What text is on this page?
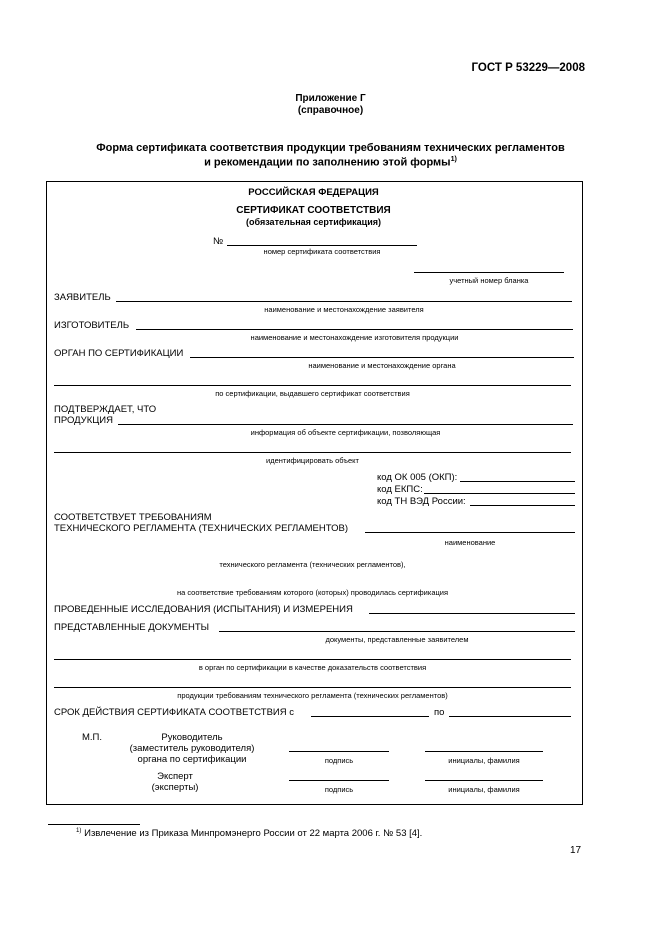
ГОСТ Р 53229—2008
Приложение Г
(справочное)
Форма сертификата соответствия продукции требованиям технических регламентов
и рекомендации по заполнению этой формы$^{1)}$
РОССИЙСКАЯ ФЕДЕРАЦИЯ
СЕРТИФИКАТ СООТВЕТСТВИЯ
(обязательная сертификация)
№
номер сертификата соответствия
учетный номер бланка
ЗАЯВИТЕЛЬ
наименование и местонахождение заявителя
ИЗГОТОВИТЕЛЬ
наименование и местонахождение изготовителя продукции
ОРГАН ПО СЕРТИФИКАЦИИ
наименование и местонахождение органа
по сертификации, выдавшего сертификат соответствия
ПОДТВЕРЖДАЕТ, ЧТО
ПРОДУКЦИЯ
информация об объекте сертификации, позволяющая
идентифицировать объект
код ОК 005 (ОКП):
код ЕКПС:
код ТН ВЭД России:
СООТВЕТСТВУЕТ ТРЕБОВАНИЯМ
ТЕХНИЧЕСКОГО РЕГЛАМЕНТА (ТЕХНИЧЕСКИХ РЕГЛАМЕНТОВ)
наименование
технического регламента (технических регламентов),
на соответствие требованиям которого (которых) проводилась сертификация
ПРОВЕДЕННЫЕ ИССЛЕДОВАНИЯ (ИСПЫТАНИЯ) И ИЗМЕРЕНИЯ
ПРЕДСТАВЛЕННЫЕ ДОКУМЕНТЫ
документы, представленные заявителем
в орган по сертификации в качестве доказательств соответствия
продукции требованиям технического регламента (технических регламентов)
СРОК ДЕЙСТВИЯ СЕРТИФИКАТА СООТВЕТСТВИЯ с	по
М.П.	Руководитель
(заместитель руководителя)
органа по сертификации	подпись	инициалы, фамилия
Эксперт
(эксперты)	подпись	инициалы, фамилия
$^{1)}$ Извлечение из Приказа Минпромэнерго России от 22 марта 2006 г. № 53 [4].
17
